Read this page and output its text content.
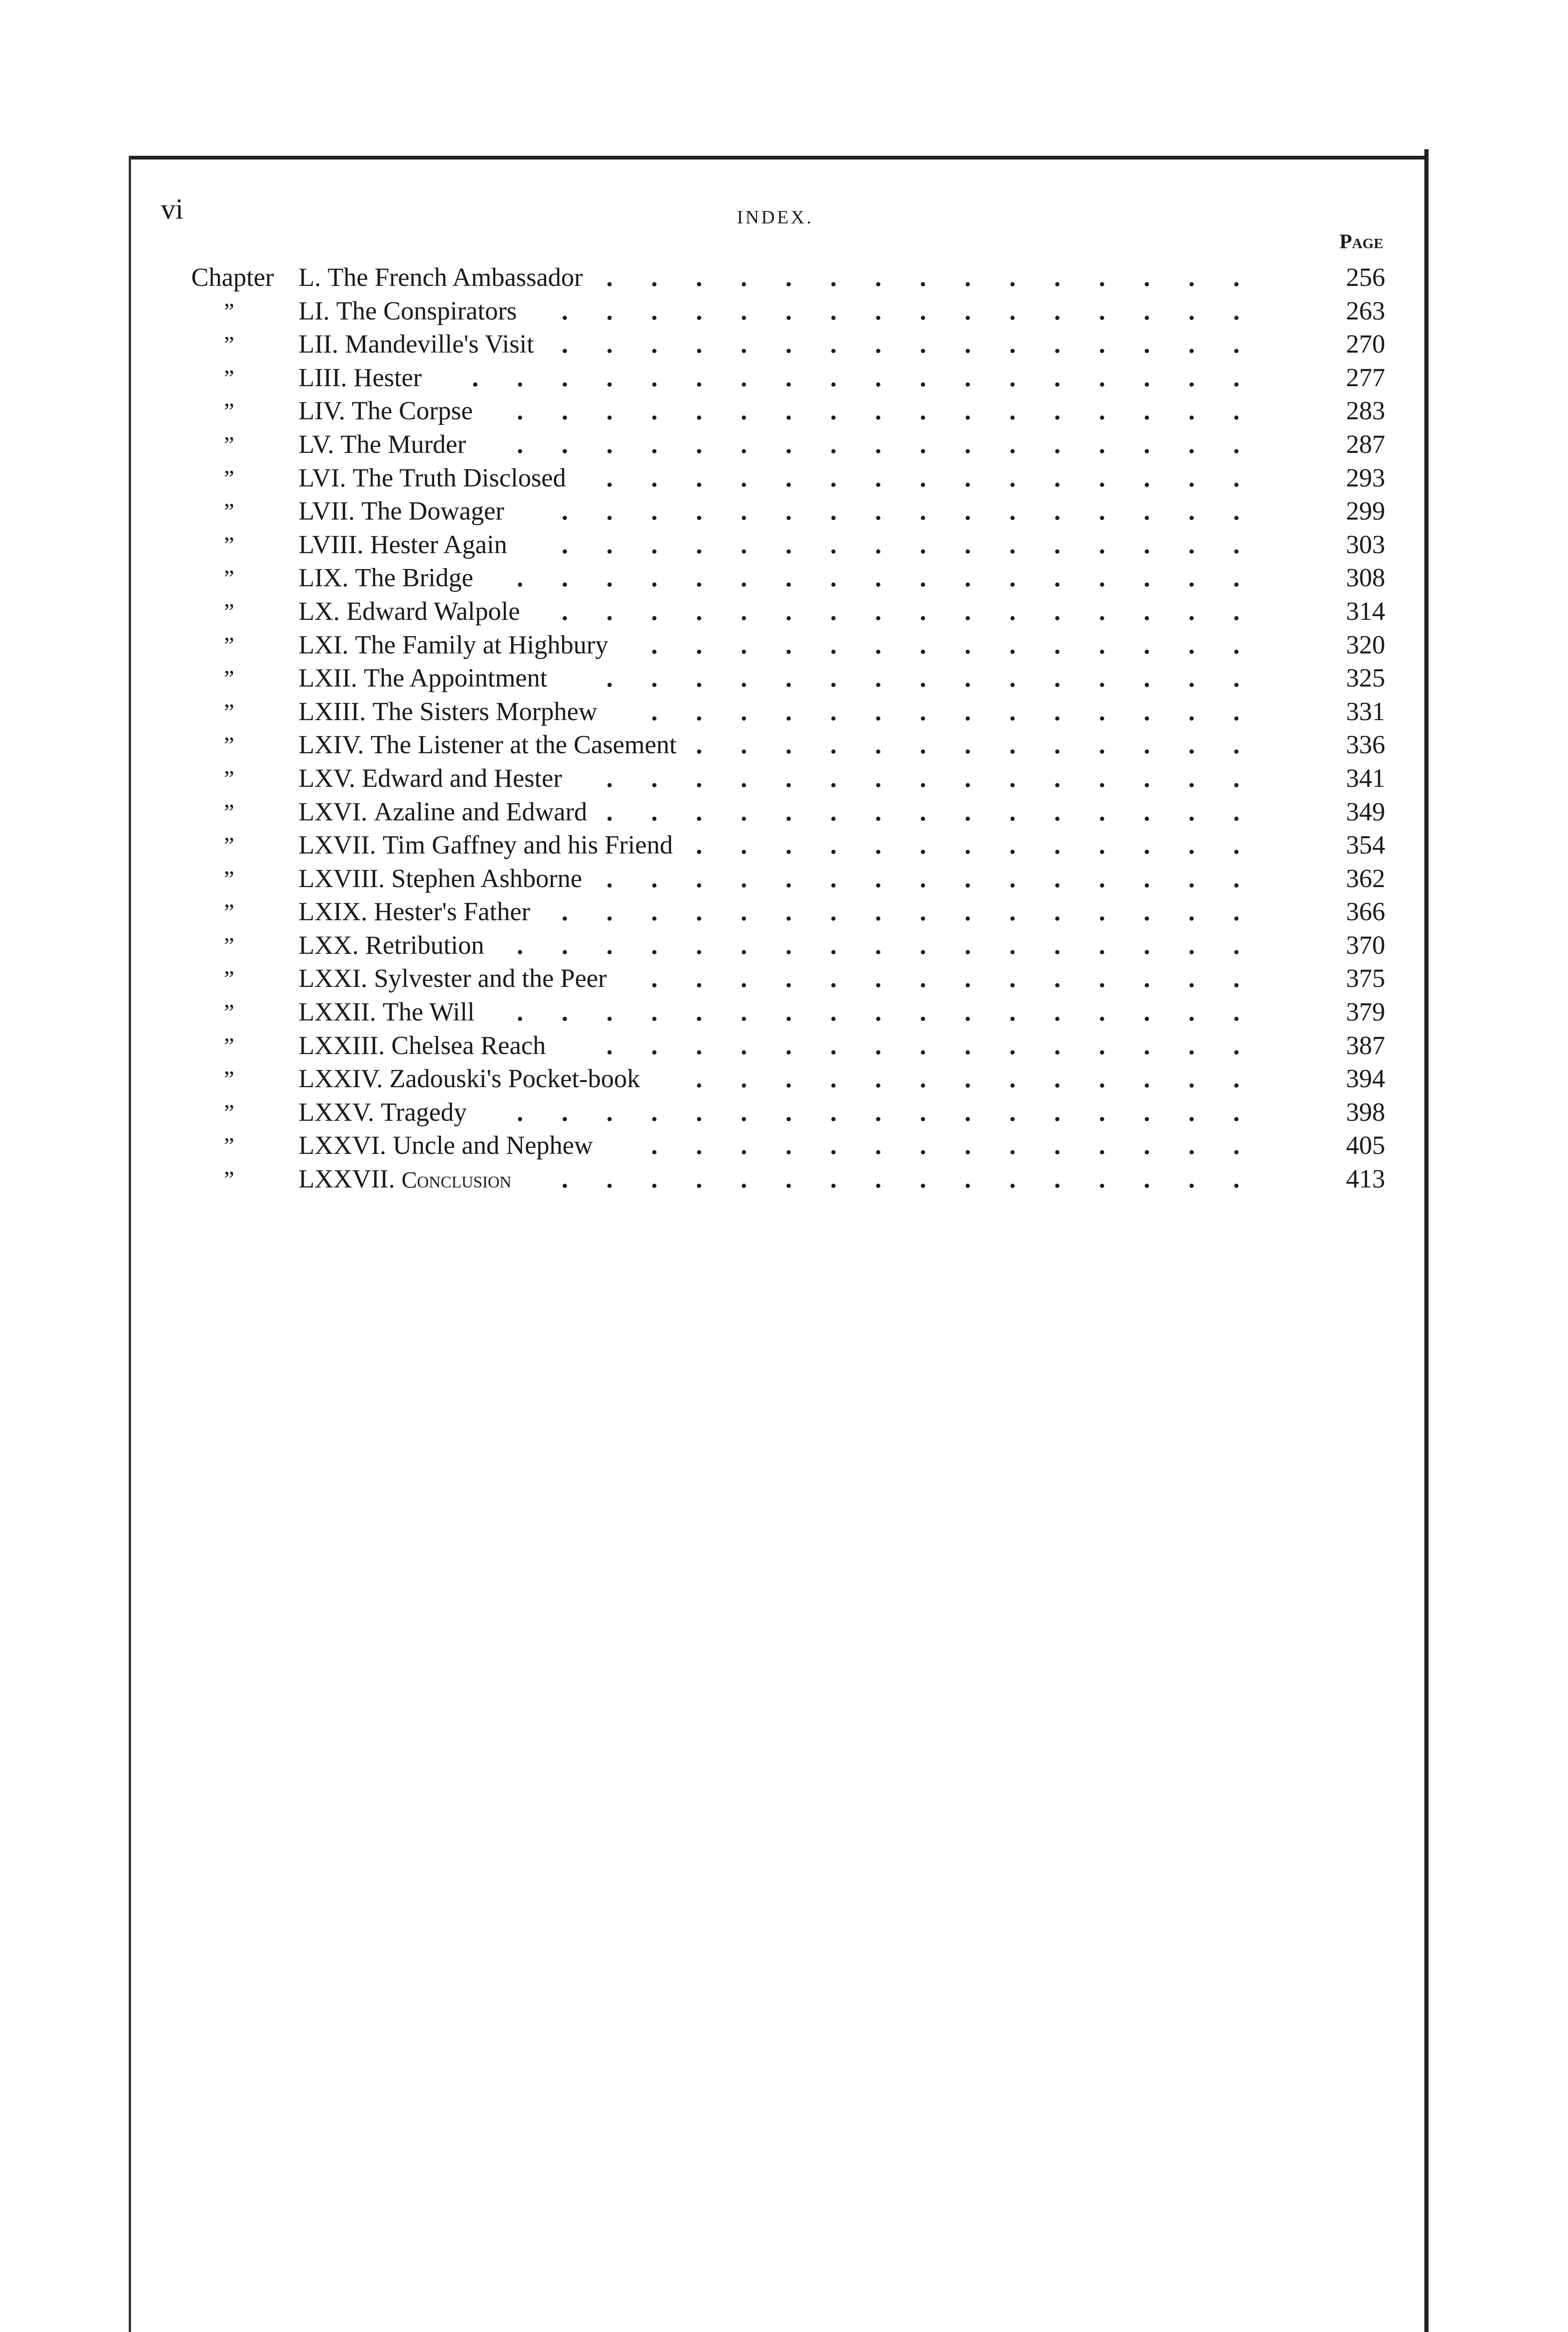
vi	INDEX.
Page
Chapter L. The French Ambassador ...............	256
” LI. The Conspirators ................	263
” LII. Mandeville's Visit ................	270
” LIII. Hester ..................	277
” LIV. The Corpse .................	283
” LV. The Murder .................	287
” LVI. The Truth Disclosed ...............	293
” LVII. The Dowager ................	299
” LVIII. Hester Again ................	303
” LIX. The Bridge .................	308
” LX. Edward Walpole ................	314
” LXI. The Family at Highbury ..............	320
” LXII. The Appointment ...............	325
” LXIII. The Sisters Morphew ..............	331
” LXIV. The Listener at the Casement .............	336
” LXV. Edward and Hester ...............	341
” LXVI. Azaline and Edward ...............	349
” LXVII. Tim Gaffney and his Friend .............	354
” LXVIII. Stephen Ashborne ...............	362
” LXIX. Hester's Father ................	366
” LXX. Retribution .................	370
” LXXI. Sylvester and the Peer ..............	375
” LXXII. The Will .................	379
” LXXIII. Chelsea Reach ...............	387
” LXXIV. Zadouski's Pocket-book .............	394
” LXXV. Tragedy .................	398
” LXXVI. Uncle and Nephew ..............	405
” LXXVII. Conclusion ................	413
